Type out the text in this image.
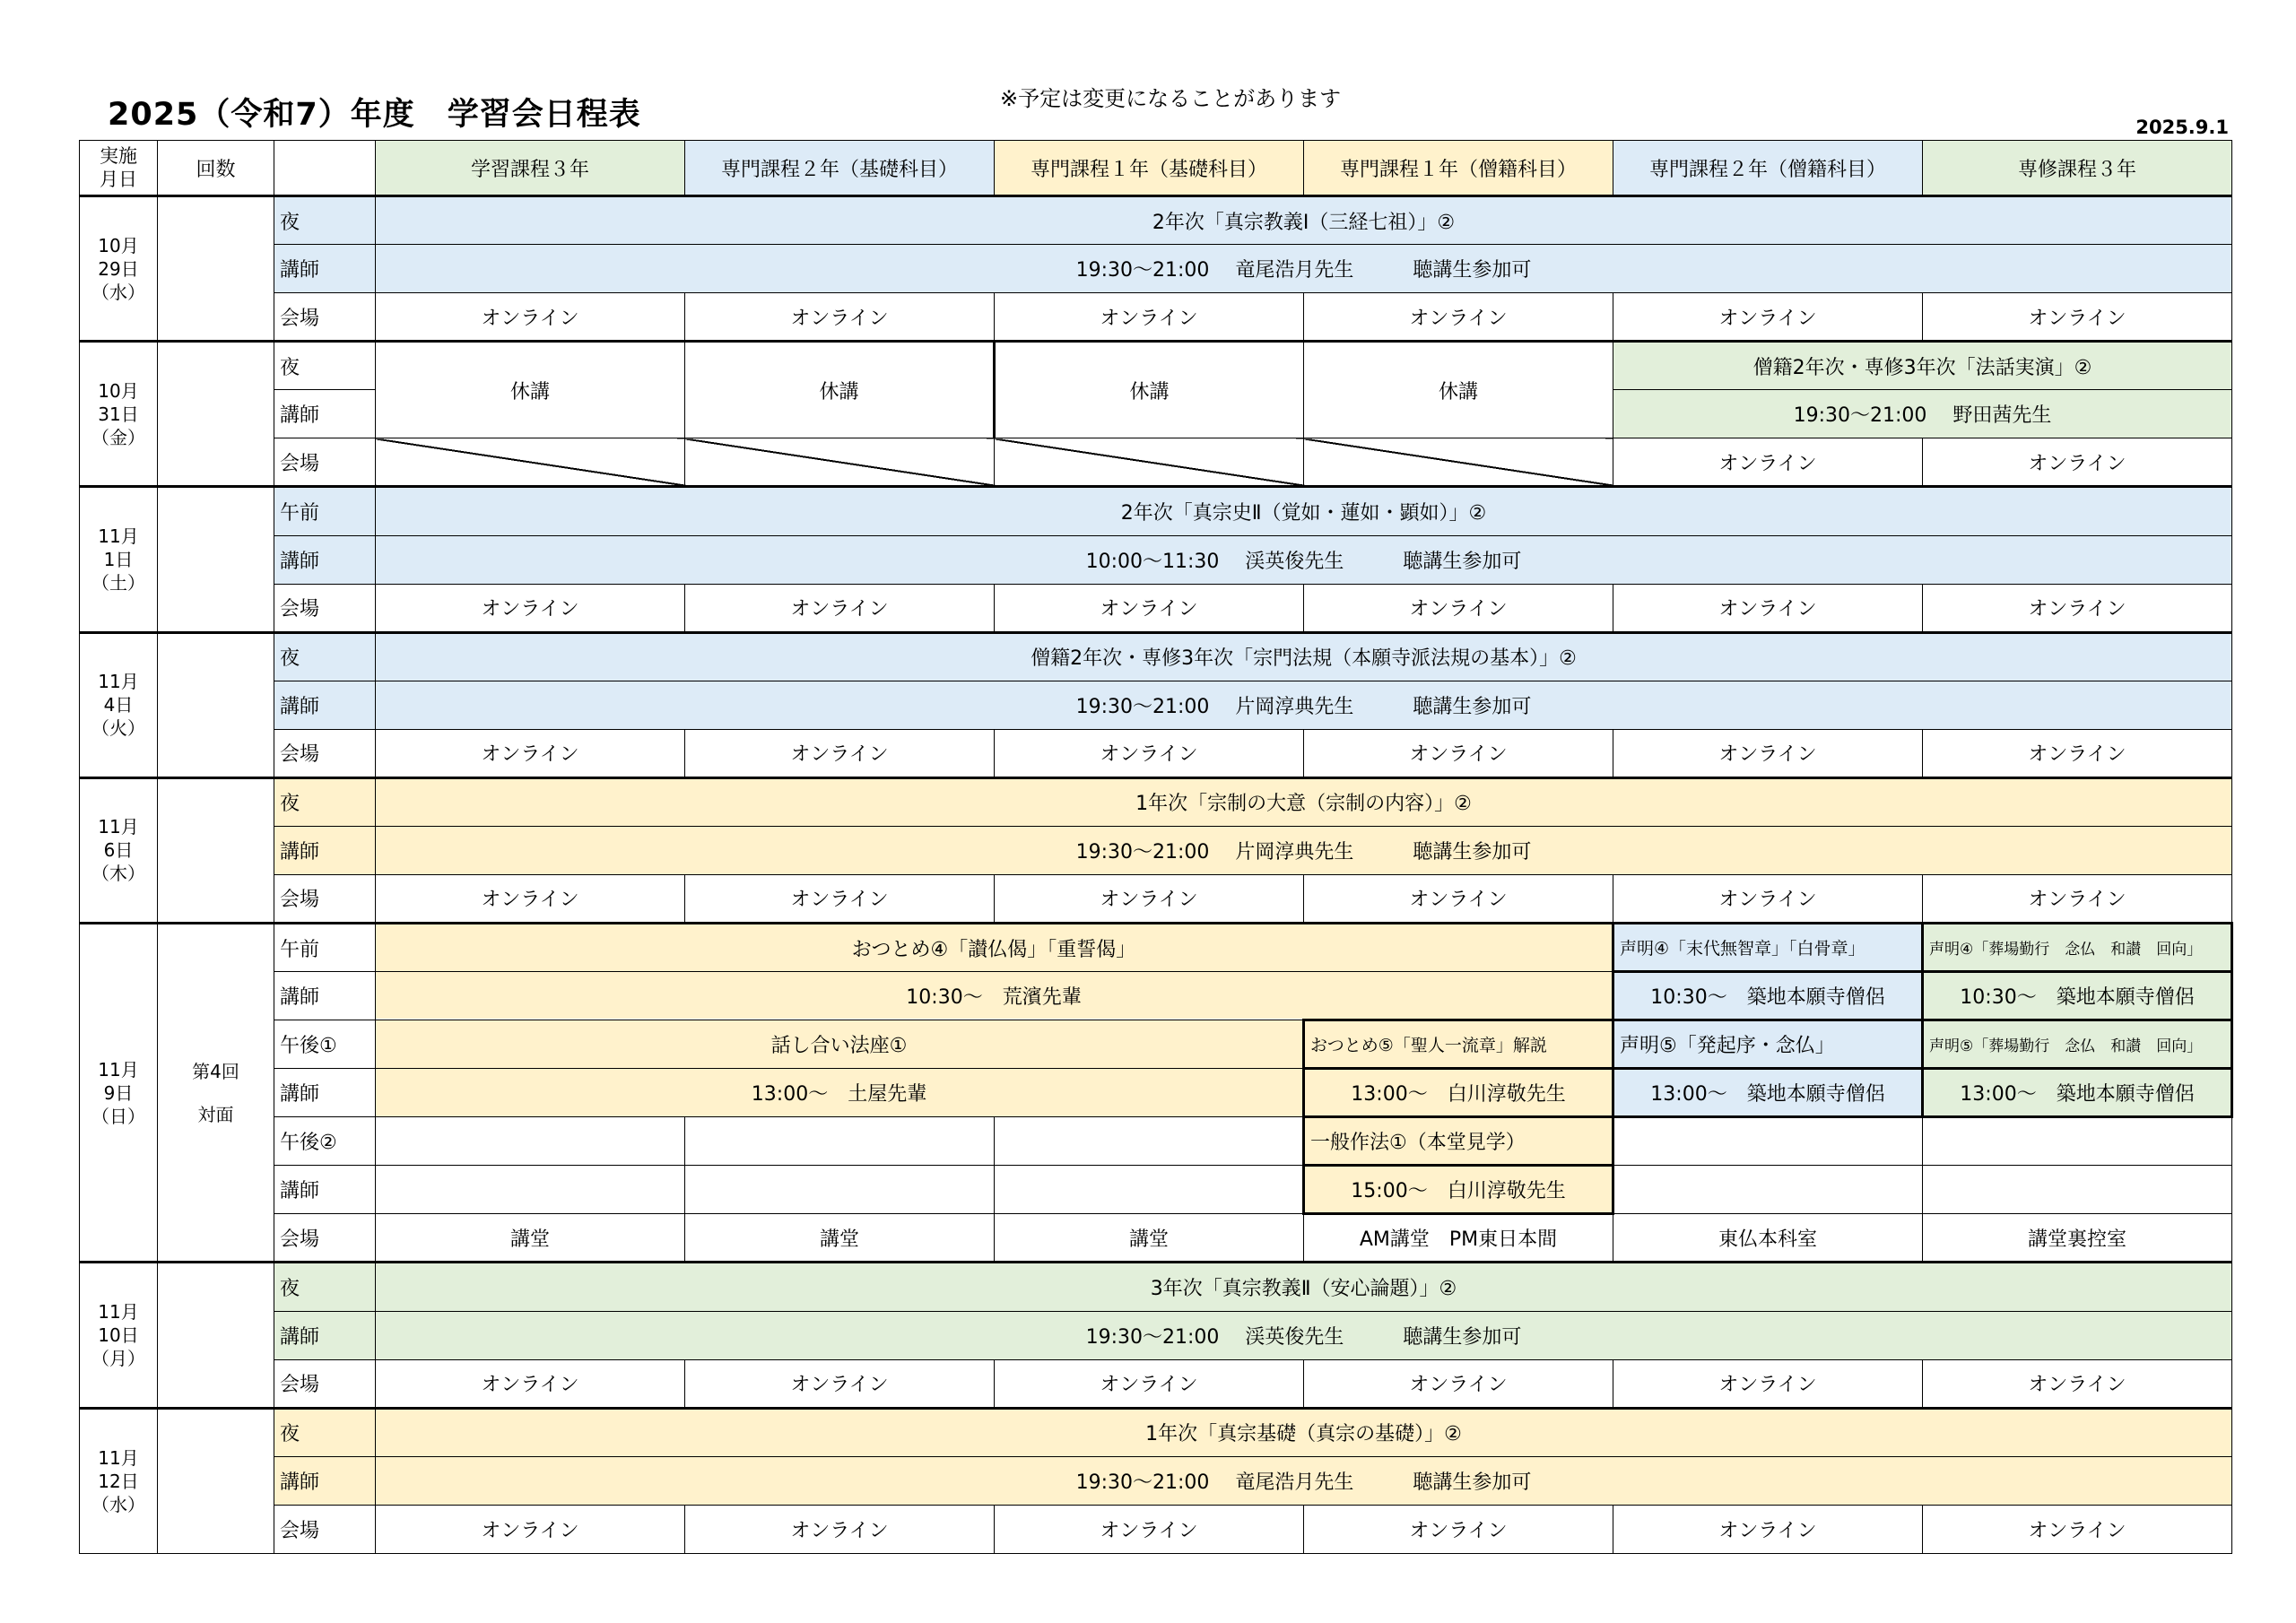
2025（令和7）年度　学習会日程表	※予定は変更になることがあります
2025.9.1
実施
月日	回数		学習課程３年	専門課程２年（基礎科目）	専門課程１年（基礎科目）	専門課程１年（僧籍科目）	専門課程２年（僧籍科目）	専修課程３年
10月
29日
（水）		夜	2年次「真宗教義Ⅰ（三経七祖）」②					
		講師	19:30～21:00　 竜尾浩月先生　　　聴講生参加可					
		会場	オンライン	オンライン	オンライン	オンライン	オンライン	オンライン
10月
31日
（金）		夜	休講	休講	休講	休講	僧籍2年次・専修3年次「法話実演」②	
		講師					19:30～21:00　 野田茜先生	
		会場					オンライン	オンライン
11月
1日
（土）		午前	2年次「真宗史Ⅱ（覚如・蓮如・顕如）」②					
		講師	10:00～11:30　 渓英俊先生　　　聴講生参加可					
		会場	オンライン	オンライン	オンライン	オンライン	オンライン	オンライン
11月
4日
（火）		夜	僧籍2年次・専修3年次「宗門法規（本願寺派法規の基本）」②					
		講師	19:30～21:00　 片岡淳典先生　　　聴講生参加可					
		会場	オンライン	オンライン	オンライン	オンライン	オンライン	オンライン
11月
6日
（木）		夜	1年次「宗制の大意（宗制の内容）」②					
		講師	19:30～21:00　 片岡淳典先生　　　聴講生参加可					
		会場	オンライン	オンライン	オンライン	オンライン	オンライン	オンライン
11月
9日
（日）	第4回

対面	午前	おつとめ④「讃仏偈」「重誓偈」				声明④「末代無智章」「白骨章」	声明④「葬場勤行　念仏　和讃　回向」
		講師	10:30～　荒濱先輩				10:30～　築地本願寺僧侶	10:30～　築地本願寺僧侶
		午後①	話し合い法座①			おつとめ⑤「聖人一流章」解説	声明⑤「発起序・念仏」	声明⑤「葬場勤行　念仏　和讃　回向」
		講師	13:00～　土屋先輩			13:00～　白川淳敬先生	13:00～　築地本願寺僧侶	13:00～　築地本願寺僧侶
		午後②				一般作法①（本堂見学）		
		講師				15:00～　白川淳敬先生		
		会場	講堂	講堂	講堂	AM講堂　PM東日本間	東仏本科室	講堂裏控室
11月
10日
（月）		夜	3年次「真宗教義Ⅱ（安心論題）」②					
		講師	19:30～21:00　 渓英俊先生　　　聴講生参加可					
		会場	オンライン	オンライン	オンライン	オンライン	オンライン	オンライン
11月
12日
（水）		夜	1年次「真宗基礎（真宗の基礎）」②					
		講師	19:30～21:00　 竜尾浩月先生　　　聴講生参加可					
		会場	オンライン	オンライン	オンライン	オンライン	オンライン	オンライン
